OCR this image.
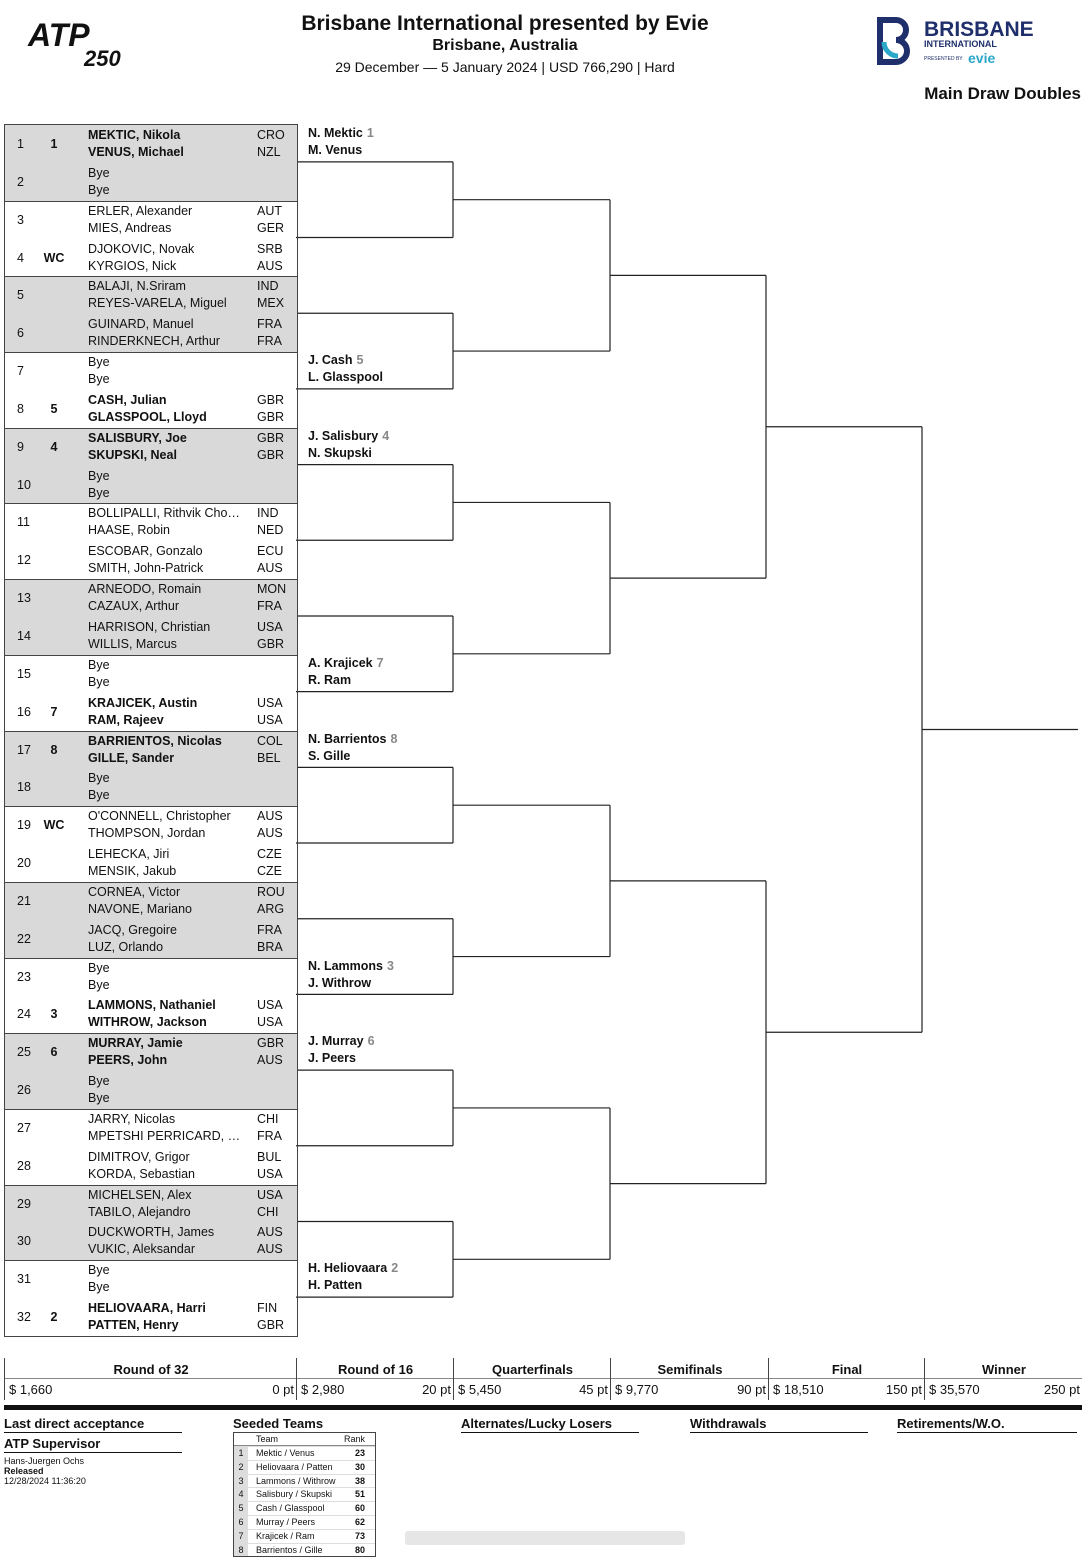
ATP
250
Brisbane International presented by Evie
Brisbane, Australia
29 December — 5 January 2024 | USD 766,290 | Hard
BRISBANE
INTERNATIONAL
PRESENTED BY evie
Main Draw Doubles
1	1
MEKTIC, Nikola	CRO
VENUS, Michael	NZL
2
Bye
Bye
3
ERLER, Alexander	AUT
MIES, Andreas	GER
4 WC
DJOKOVIC, Novak	SRB
KYRGIOS, Nick	AUS
5
BALAJI, N.Sriram	IND
REYES-VARELA, Miguel	MEX
6
GUINARD, Manuel	FRA
RINDERKNECH, Arthur	FRA
7
Bye
Bye
8	5
CASH, Julian	GBR
GLASSPOOL, Lloyd	GBR
9	4
SALISBURY, Joe	GBR
SKUPSKI, Neal	GBR
10
Bye
Bye
11
BOLLIPALLI, Rithvik Cho…	IND
HAASE, Robin	NED
12
ESCOBAR, Gonzalo	ECU
SMITH, John-Patrick	AUS
13
ARNEODO, Romain	MON
CAZAUX, Arthur	FRA
14
HARRISON, Christian	USA
WILLIS, Marcus	GBR
15
Bye
Bye
16	7
KRAJICEK, Austin	USA
RAM, Rajeev	USA
17	8
BARRIENTOS, Nicolas	COL
GILLE, Sander	BEL
18
Bye
Bye
19 WC
O'CONNELL, Christopher	AUS
THOMPSON, Jordan	AUS
20
LEHECKA, Jiri	CZE
MENSIK, Jakub	CZE
21
CORNEA, Victor	ROU
NAVONE, Mariano	ARG
22
JACQ, Gregoire	FRA
LUZ, Orlando	BRA
23
Bye
Bye
24	3
LAMMONS, Nathaniel	USA
WITHROW, Jackson	USA
25	6
MURRAY, Jamie	GBR
PEERS, John	AUS
26
Bye
Bye
27
JARRY, Nicolas	CHI
MPETSHI PERRICARD, …	FRA
28
DIMITROV, Grigor	BUL
KORDA, Sebastian	USA
29
MICHELSEN, Alex	USA
TABILO, Alejandro	CHI
30
DUCKWORTH, James	AUS
VUKIC, Aleksandar	AUS
31
Bye
Bye
32	2
HELIOVAARA, Harri	FIN
PATTEN, Henry	GBR
N. Mektic 1
M. Venus
J. Cash 5
L. Glasspool
J. Salisbury 4
N. Skupski
A. Krajicek 7
R. Ram
N. Barrientos 8
S. Gille
N. Lammons 3
J. Withrow
J. Murray 6
J. Peers
H. Heliovaara 2
H. Patten
Round of 32
$ 1,660	0 pt
Round of 16
$ 2,980	20 pt
Quarterfinals
$ 5,450	45 pt
Semifinals
$ 9,770	90 pt
Final
$ 18,510	150 pt
Winner
$ 35,570	250 pt
Last direct acceptance
ATP Supervisor
Hans-Juergen Ochs
Released
12/28/2024 11:36:20
Seeded Teams
Team	Rank
1	Mektic / Venus	23
2	Heliovaara / Patten 30
3	Lammons / Withrow 38
4	Salisbury / Skupski	51
5	Cash / Glasspool	60
6	Murray / Peers	62
7	Krajicek / Ram	73
8	Barrientos / Gille	80
Alternates/Lucky Losers	Withdrawals	Retirements/W.O.
